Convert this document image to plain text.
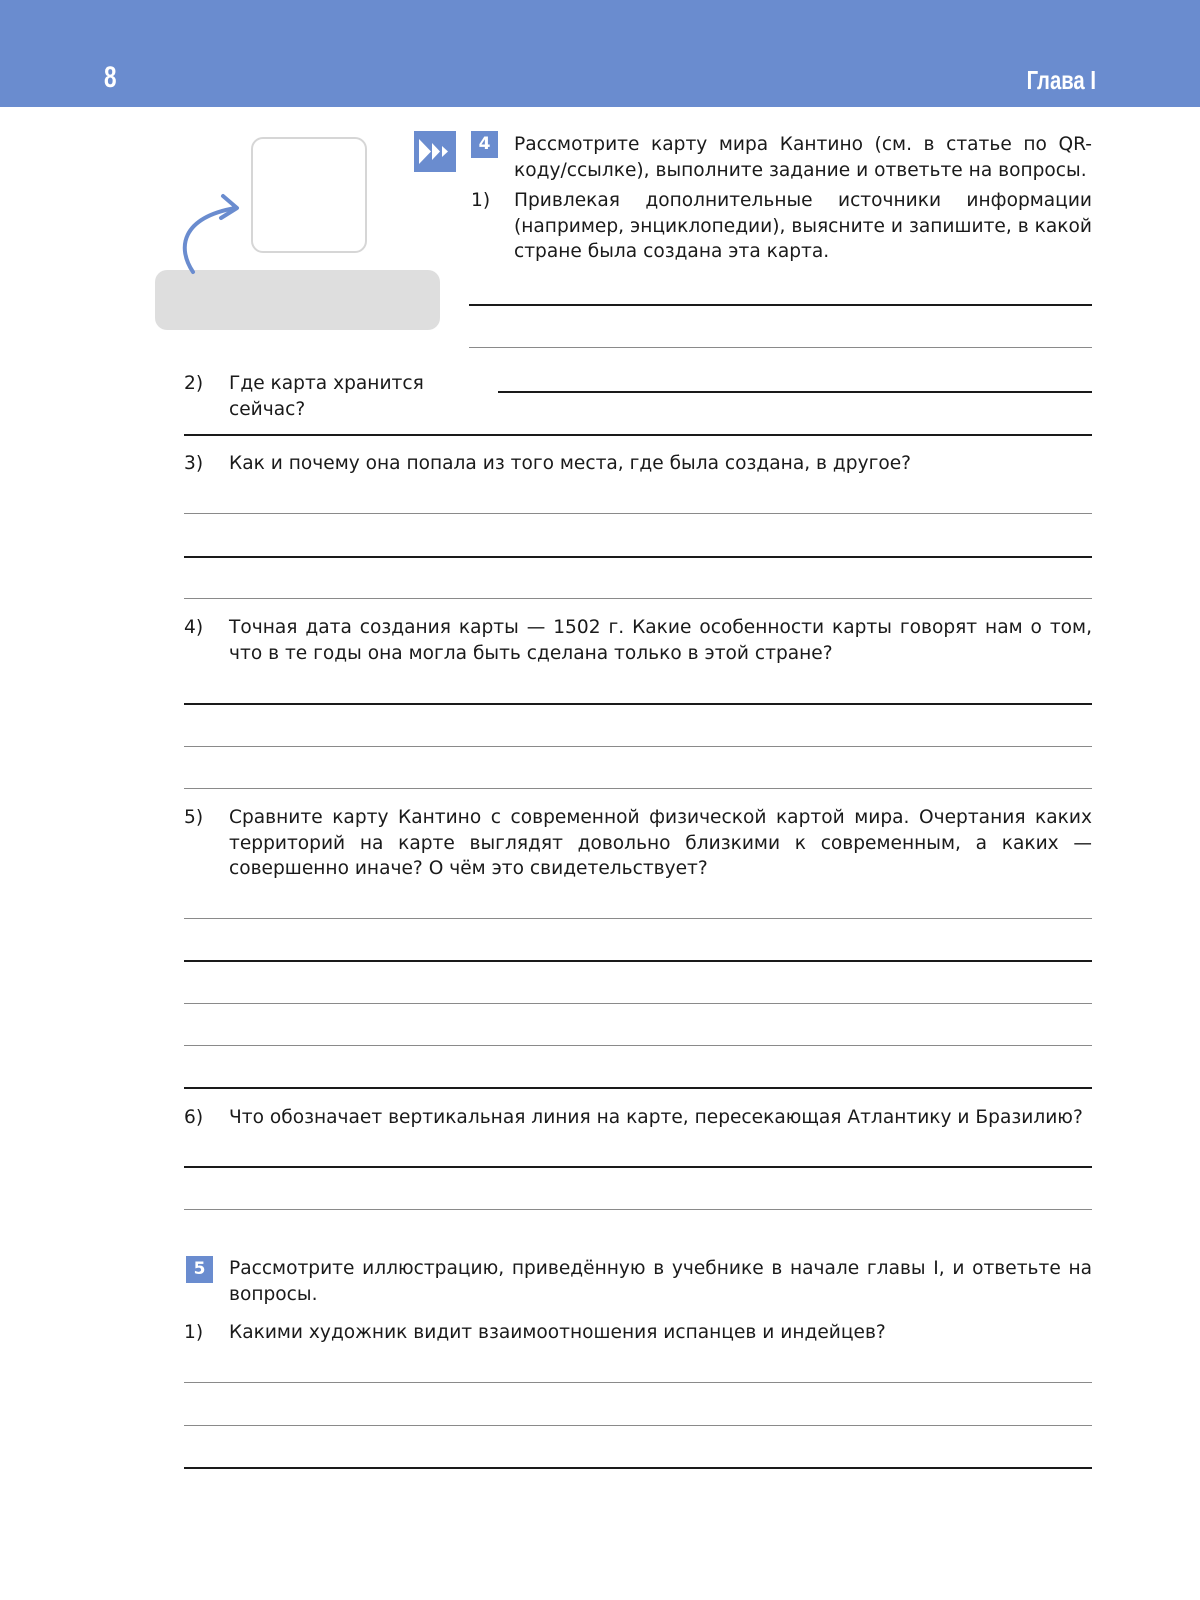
8	Глава I
4	Рассмотрите карту мира Кантино (см. в статье по QR-коду/ссылке), выполните задание и ответьте на вопросы.

1) Привлекая дополнительные источники информации (например, энциклопедии), выясните и запишите, в какой стране была создана эта карта.

2) Где карта хранится сейчас?

3) Как и почему она попала из того места, где была создана, в другое?

4) Точная дата создания карты — 1502 г. Какие особенности карты говорят нам о том, что в те годы она могла быть сделана только в этой стране?

5) Сравните карту Кантино с современной физической картой мира. Очертания каких территорий на карте выглядят довольно близкими к современным, а каких — совершенно иначе? О чём это свидетельствует?

6) Что обозначает вертикальная линия на карте, пересекающая Атлантику и Бразилию?

5	Рассмотрите иллюстрацию, приведённую в учебнике в начале главы I, и ответьте на вопросы.

1) Какими художник видит взаимоотношения испанцев и индейцев?
